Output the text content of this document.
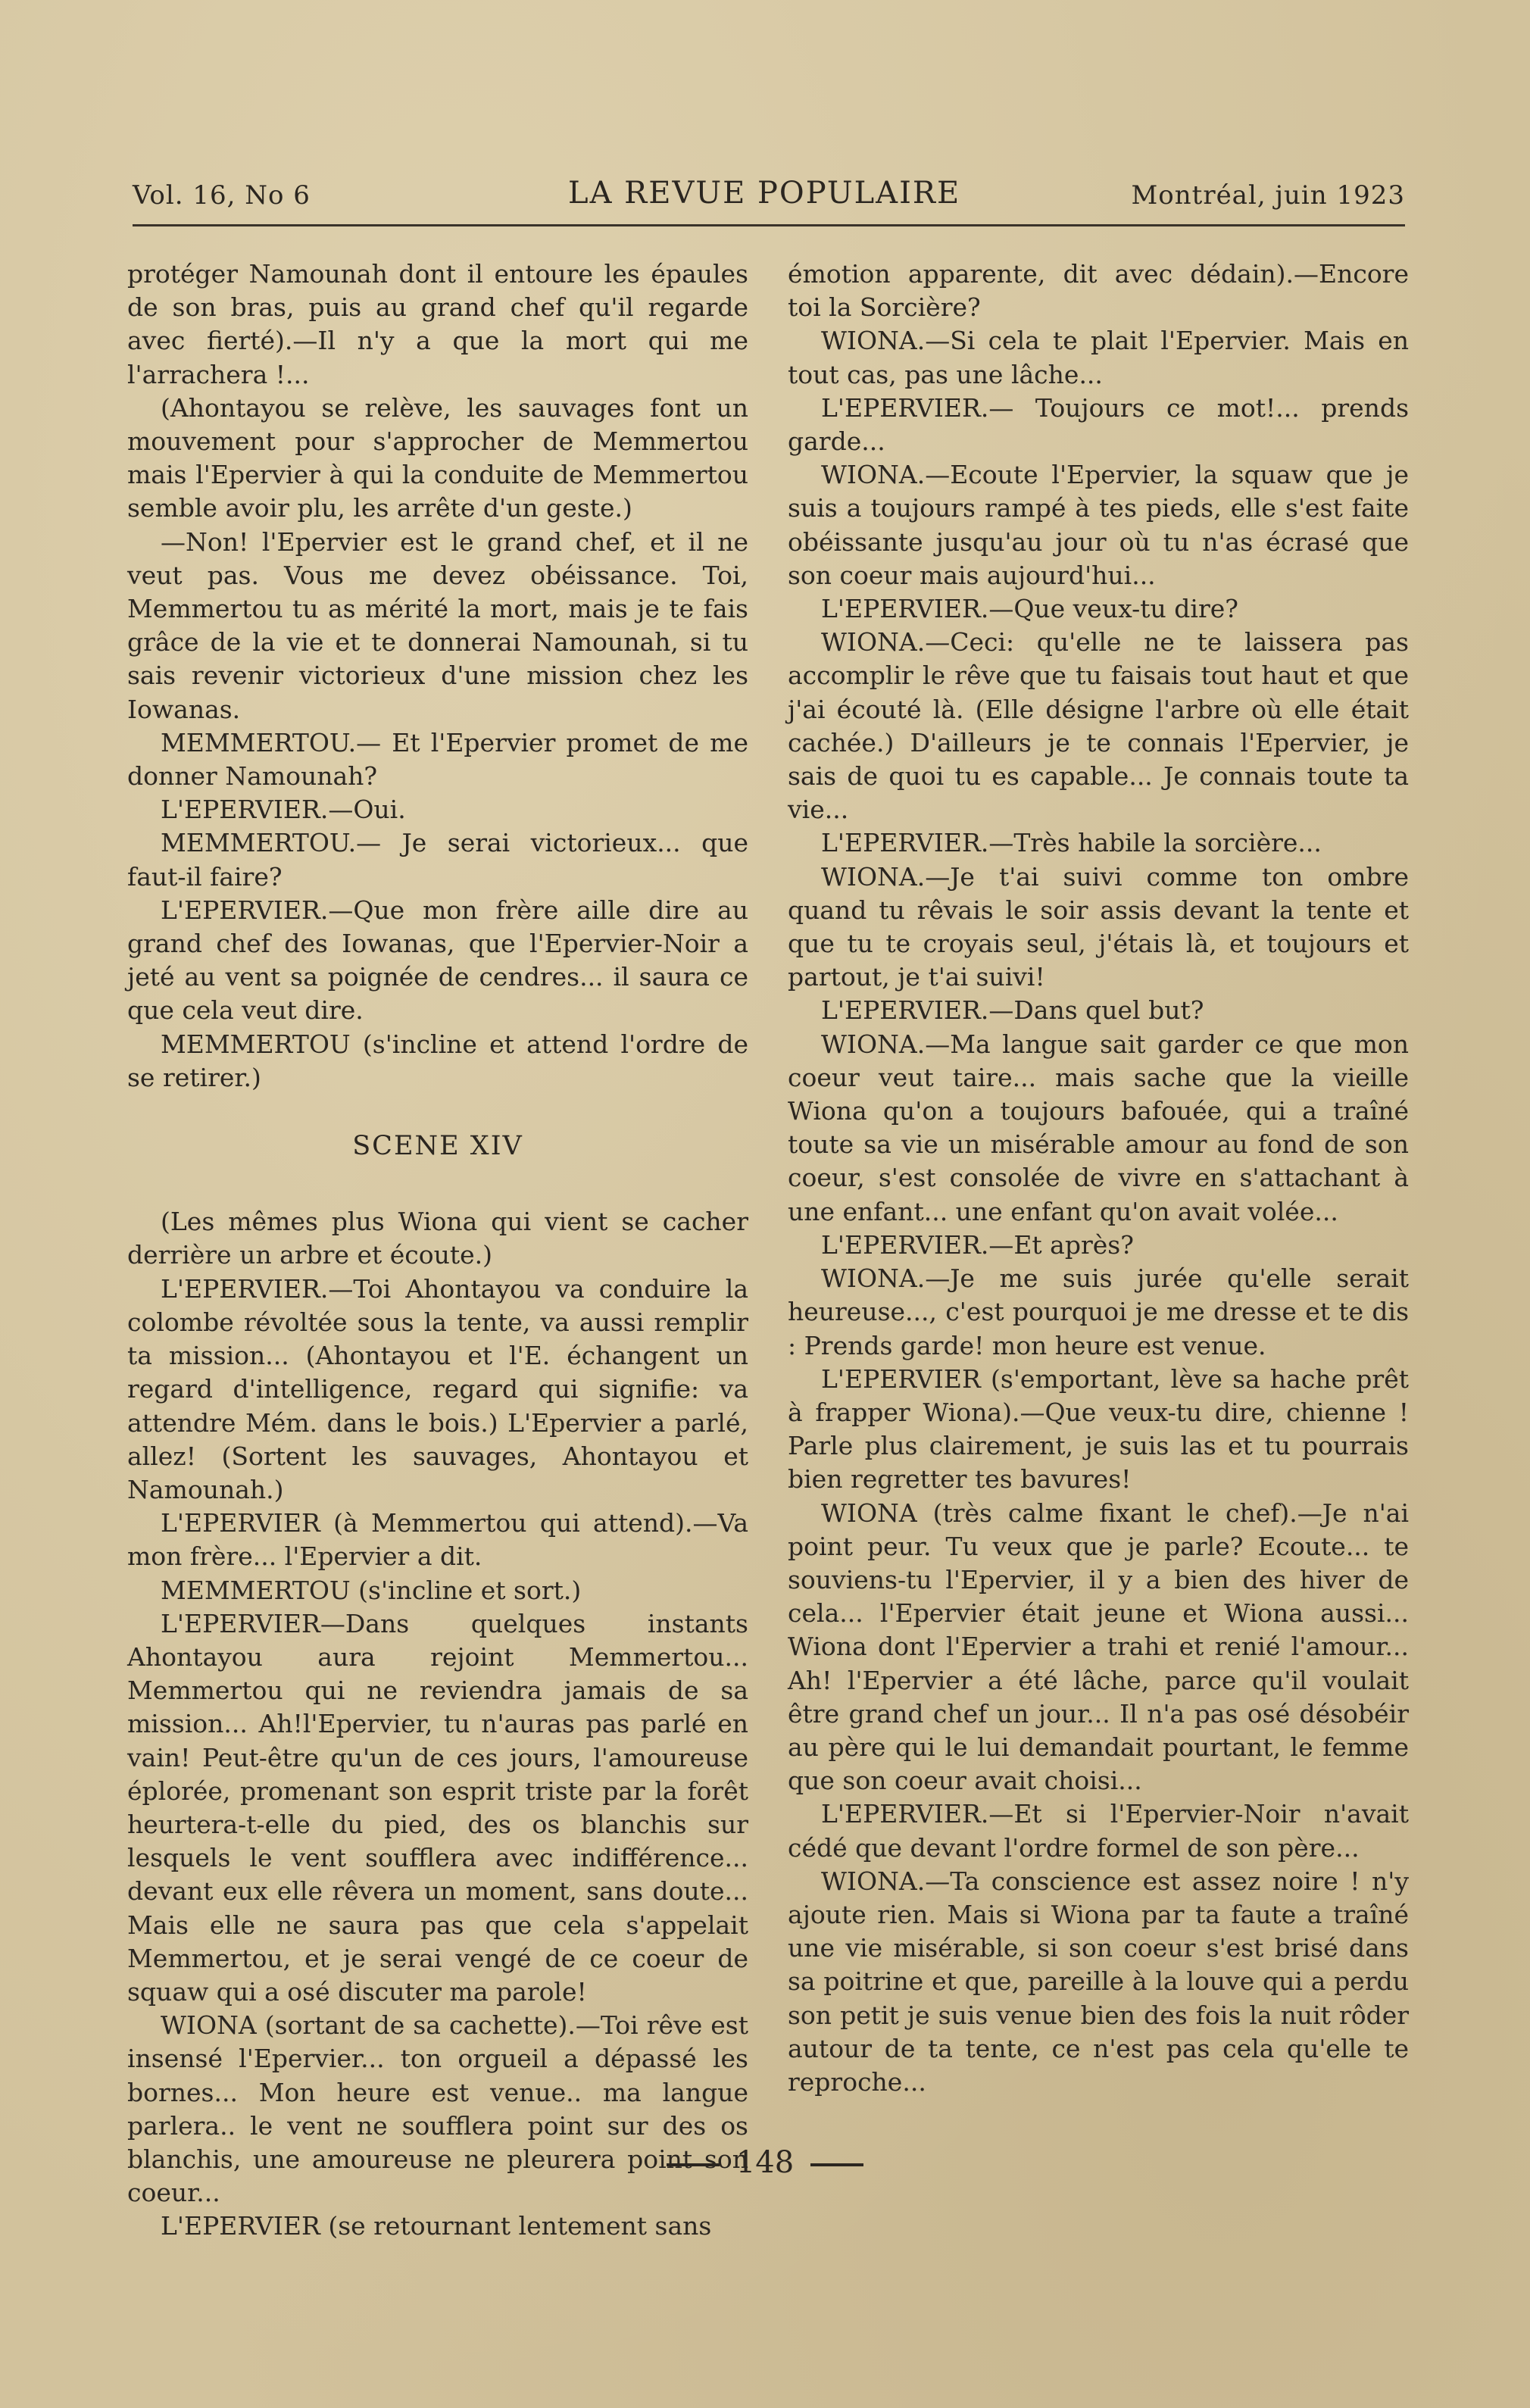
Vol. 16, No 6	LA REVUE POPULAIRE	Montréal, juin 1923

protéger Namounah dont il entoure les épaules de son bras, puis au grand chef qu'il regarde avec fierté).—Il n'y a que la mort qui me l'arrachera !...

(Ahontayou se relève, les sauvages font un mouvement pour s'approcher de Memmertou mais l'Epervier à qui la conduite de Memmertou semble avoir plu, les arrête d'un geste.)

—Non! l'Epervier est le grand chef, et il ne veut pas. Vous me devez obéissance. Toi, Memmertou tu as mérité la mort, mais je te fais grâce de la vie et te donnerai Namounah, si tu sais revenir victorieux d'une mission chez les Iowanas.

MEMMERTOU.— Et l'Epervier promet de me donner Namounah?

L'EPERVIER.—Oui.

MEMMERTOU.— Je serai victorieux... que faut-il faire?

L'EPERVIER.—Que mon frère aille dire au grand chef des Iowanas, que l'Epervier-Noir a jeté au vent sa poignée de cendres... il saura ce que cela veut dire.

MEMMERTOU (s'incline et attend l'ordre de se retirer.)

SCENE XIV

(Les mêmes plus Wiona qui vient se cacher derrière un arbre et écoute.)

L'EPERVIER.—Toi Ahontayou va conduire la colombe révoltée sous la tente, va aussi remplir ta mission... (Ahontayou et l'E. échangent un regard d'intelligence, regard qui signifie: va attendre Mém. dans le bois.) L'Epervier a parlé, allez! (Sortent les sauvages, Ahontayou et Namounah.)

L'EPERVIER (à Memmertou qui attend).—Va mon frère... l'Epervier a dit.

MEMMERTOU (s'incline et sort.)

L'EPERVIER—Dans quelques instants Ahontayou aura rejoint Memmertou... Memmertou qui ne reviendra jamais de sa mission... Ah!l'Epervier, tu n'auras pas parlé en vain! Peut-être qu'un de ces jours, l'amoureuse éplorée, promenant son esprit triste par la forêt heurtera-t-elle du pied, des os blanchis sur lesquels le vent soufflera avec indifférence... devant eux elle rêvera un moment, sans doute... Mais elle ne saura pas que cela s'appelait Memmertou, et je serai vengé de ce coeur de squaw qui a osé discuter ma parole!

WIONA (sortant de sa cachette).—Toi rêve est insensé l'Epervier... ton orgueil a dépassé les bornes... Mon heure est venue.. ma langue parlera.. le vent ne soufflera point sur des os blanchis, une amoureuse ne pleurera point son coeur...

L'EPERVIER (se retournant lentement sans

émotion apparente, dit avec dédain).—Encore toi la Sorcière?

WIONA.—Si cela te plait l'Epervier. Mais en tout cas, pas une lâche...

L'EPERVIER.— Toujours ce mot!... prends garde...

WIONA.—Ecoute l'Epervier, la squaw que je suis a toujours rampé à tes pieds, elle s'est faite obéissante jusqu'au jour où tu n'as écrasé que son coeur mais aujourd'hui...

L'EPERVIER.—Que veux-tu dire?

WIONA.—Ceci: qu'elle ne te laissera pas accomplir le rêve que tu faisais tout haut et que j'ai écouté là. (Elle désigne l'arbre où elle était cachée.) D'ailleurs je te connais l'Epervier, je sais de quoi tu es capable... Je connais toute ta vie...

L'EPERVIER.—Très habile la sorcière...

WIONA.—Je t'ai suivi comme ton ombre quand tu rêvais le soir assis devant la tente et que tu te croyais seul, j'étais là, et toujours et partout, je t'ai suivi!

L'EPERVIER.—Dans quel but?

WIONA.—Ma langue sait garder ce que mon coeur veut taire... mais sache que la vieille Wiona qu'on a toujours bafouée, qui a traîné toute sa vie un misérable amour au fond de son coeur, s'est consolée de vivre en s'attachant à une enfant... une enfant qu'on avait volée...

L'EPERVIER.—Et après?

WIONA.—Je me suis jurée qu'elle serait heureuse..., c'est pourquoi je me dresse et te dis : Prends garde! mon heure est venue.

L'EPERVIER (s'emportant, lève sa hache prêt à frapper Wiona).—Que veux-tu dire, chienne ! Parle plus clairement, je suis las et tu pourrais bien regretter tes bavures!

WIONA (très calme fixant le chef).—Je n'ai point peur. Tu veux que je parle? Ecoute... te souviens-tu l'Epervier, il y a bien des hiver de cela... l'Epervier était jeune et Wiona aussi... Wiona dont l'Epervier a trahi et renié l'amour... Ah! l'Epervier a été lâche, parce qu'il voulait être grand chef un jour... Il n'a pas osé désobéir au père qui le lui demandait pourtant, le femme que son coeur avait choisi...

L'EPERVIER.—Et si l'Epervier-Noir n'avait cédé que devant l'ordre formel de son père...

WIONA.—Ta conscience est assez noire ! n'y ajoute rien. Mais si Wiona par ta faute a traîné une vie misérable, si son coeur s'est brisé dans sa poitrine et que, pareille à la louve qui a perdu son petit je suis venue bien des fois la nuit rôder autour de ta tente, ce n'est pas cela qu'elle te reproche...

148
